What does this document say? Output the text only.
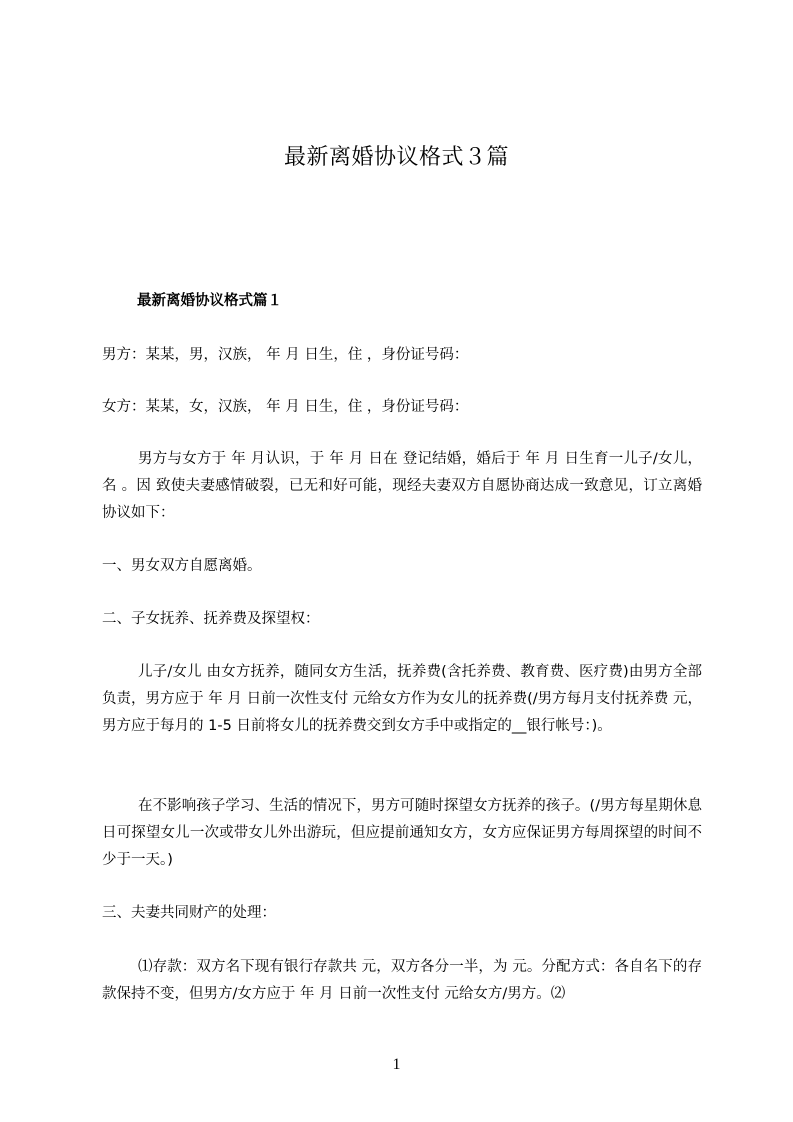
最新离婚协议格式３篇
最新离婚协议格式篇１

男方：某某，男，汉族， 年 月 日生，住 ，身份证号码：

女方：某某，女，汉族， 年 月 日生，住 ，身份证号码：

男方与女方于 年 月认识，于 年 月 日在 登记结婚，婚后于 年 月 日生育一儿子/女儿，名 。因 致使夫妻感情破裂，已无和好可能，现经夫妻双方自愿协商达成一致意见，订立离婚协议如下：

一、男女双方自愿离婚。

二、子女抚养、抚养费及探望权：

儿子/女儿 由女方抚养，随同女方生活，抚养费(含托养费、教育费、医疗费)由男方全部负责，男方应于 年 月 日前一次性支付 元给女方作为女儿的抚养费(/男方每月支付抚养费 元，男方应于每月的 1-5 日前将女儿的抚养费交到女方手中或指定的__银行帐号：)。

在不影响孩子学习、生活的情况下，男方可随时探望女方抚养的孩子。(/男方每星期休息日可探望女儿一次或带女儿外出游玩，但应提前通知女方，女方应保证男方每周探望的时间不少于一天。)

三、夫妻共同财产的处理：

⑴存款：双方名下现有银行存款共 元，双方各分一半，为 元。分配方式：各自名下的存款保持不变，但男方/女方应于 年 月 日前一次性支付 元给女方/男方。⑵

1
